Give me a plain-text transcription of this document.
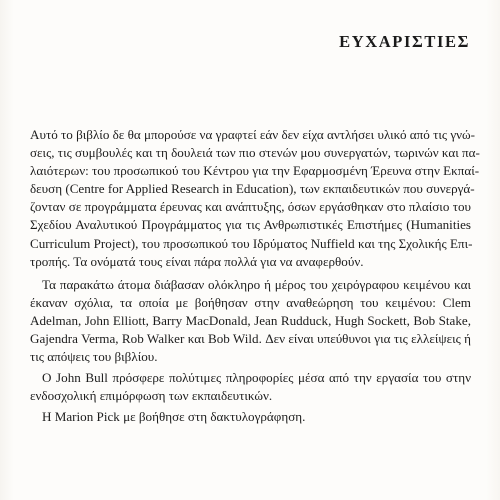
ΕΥΧΑΡΙΣΤΙΕΣ

Αυτό το βιβλίο δε θα μπορούσε να γραφτεί εάν δεν είχα αντλήσει υλικό από τις γνώ-
σεις, τις συμβουλές και τη δουλειά των πιο στενών μου συνεργατών, τωρινών και πα-
λαιότερων: του προσωπικού του Κέντρου για την Εφαρμοσμένη Έρευνα στην Εκπαί-
δευση (Centre for Applied Research in Education), των εκπαιδευτικών που συνεργά-
ζονταν σε προγράμματα έρευνας και ανάπτυξης, όσων εργάσθηκαν στο πλαίσιο του
Σχεδίου Αναλυτικού Προγράμματος για τις Ανθρωπιστικές Επιστήμες (Humanities
Curriculum Project), του προσωπικού του Ιδρύματος Nuffield και της Σχολικής Επι-
τροπής. Τα ονόματά τους είναι πάρα πολλά για να αναφερθούν.

Τα παρακάτω άτομα διάβασαν ολόκληρο ή μέρος του χειρόγραφου κειμένου και
έκαναν σχόλια, τα οποία με βοήθησαν στην αναθεώρηση του κειμένου: Clem
Adelman, John Elliott, Barry MacDonald, Jean Rudduck, Hugh Sockett, Bob Stake,
Gajendra Verma, Rob Walker και Bob Wild. Δεν είναι υπεύθυνοι για τις ελλείψεις ή
τις απόψεις του βιβλίου.

Ο John Bull πρόσφερε πολύτιμες πληροφορίες μέσα από την εργασία του στην
ενδοσχολική επιμόρφωση των εκπαιδευτικών.

Η Marion Pick με βοήθησε στη δακτυλογράφηση.
